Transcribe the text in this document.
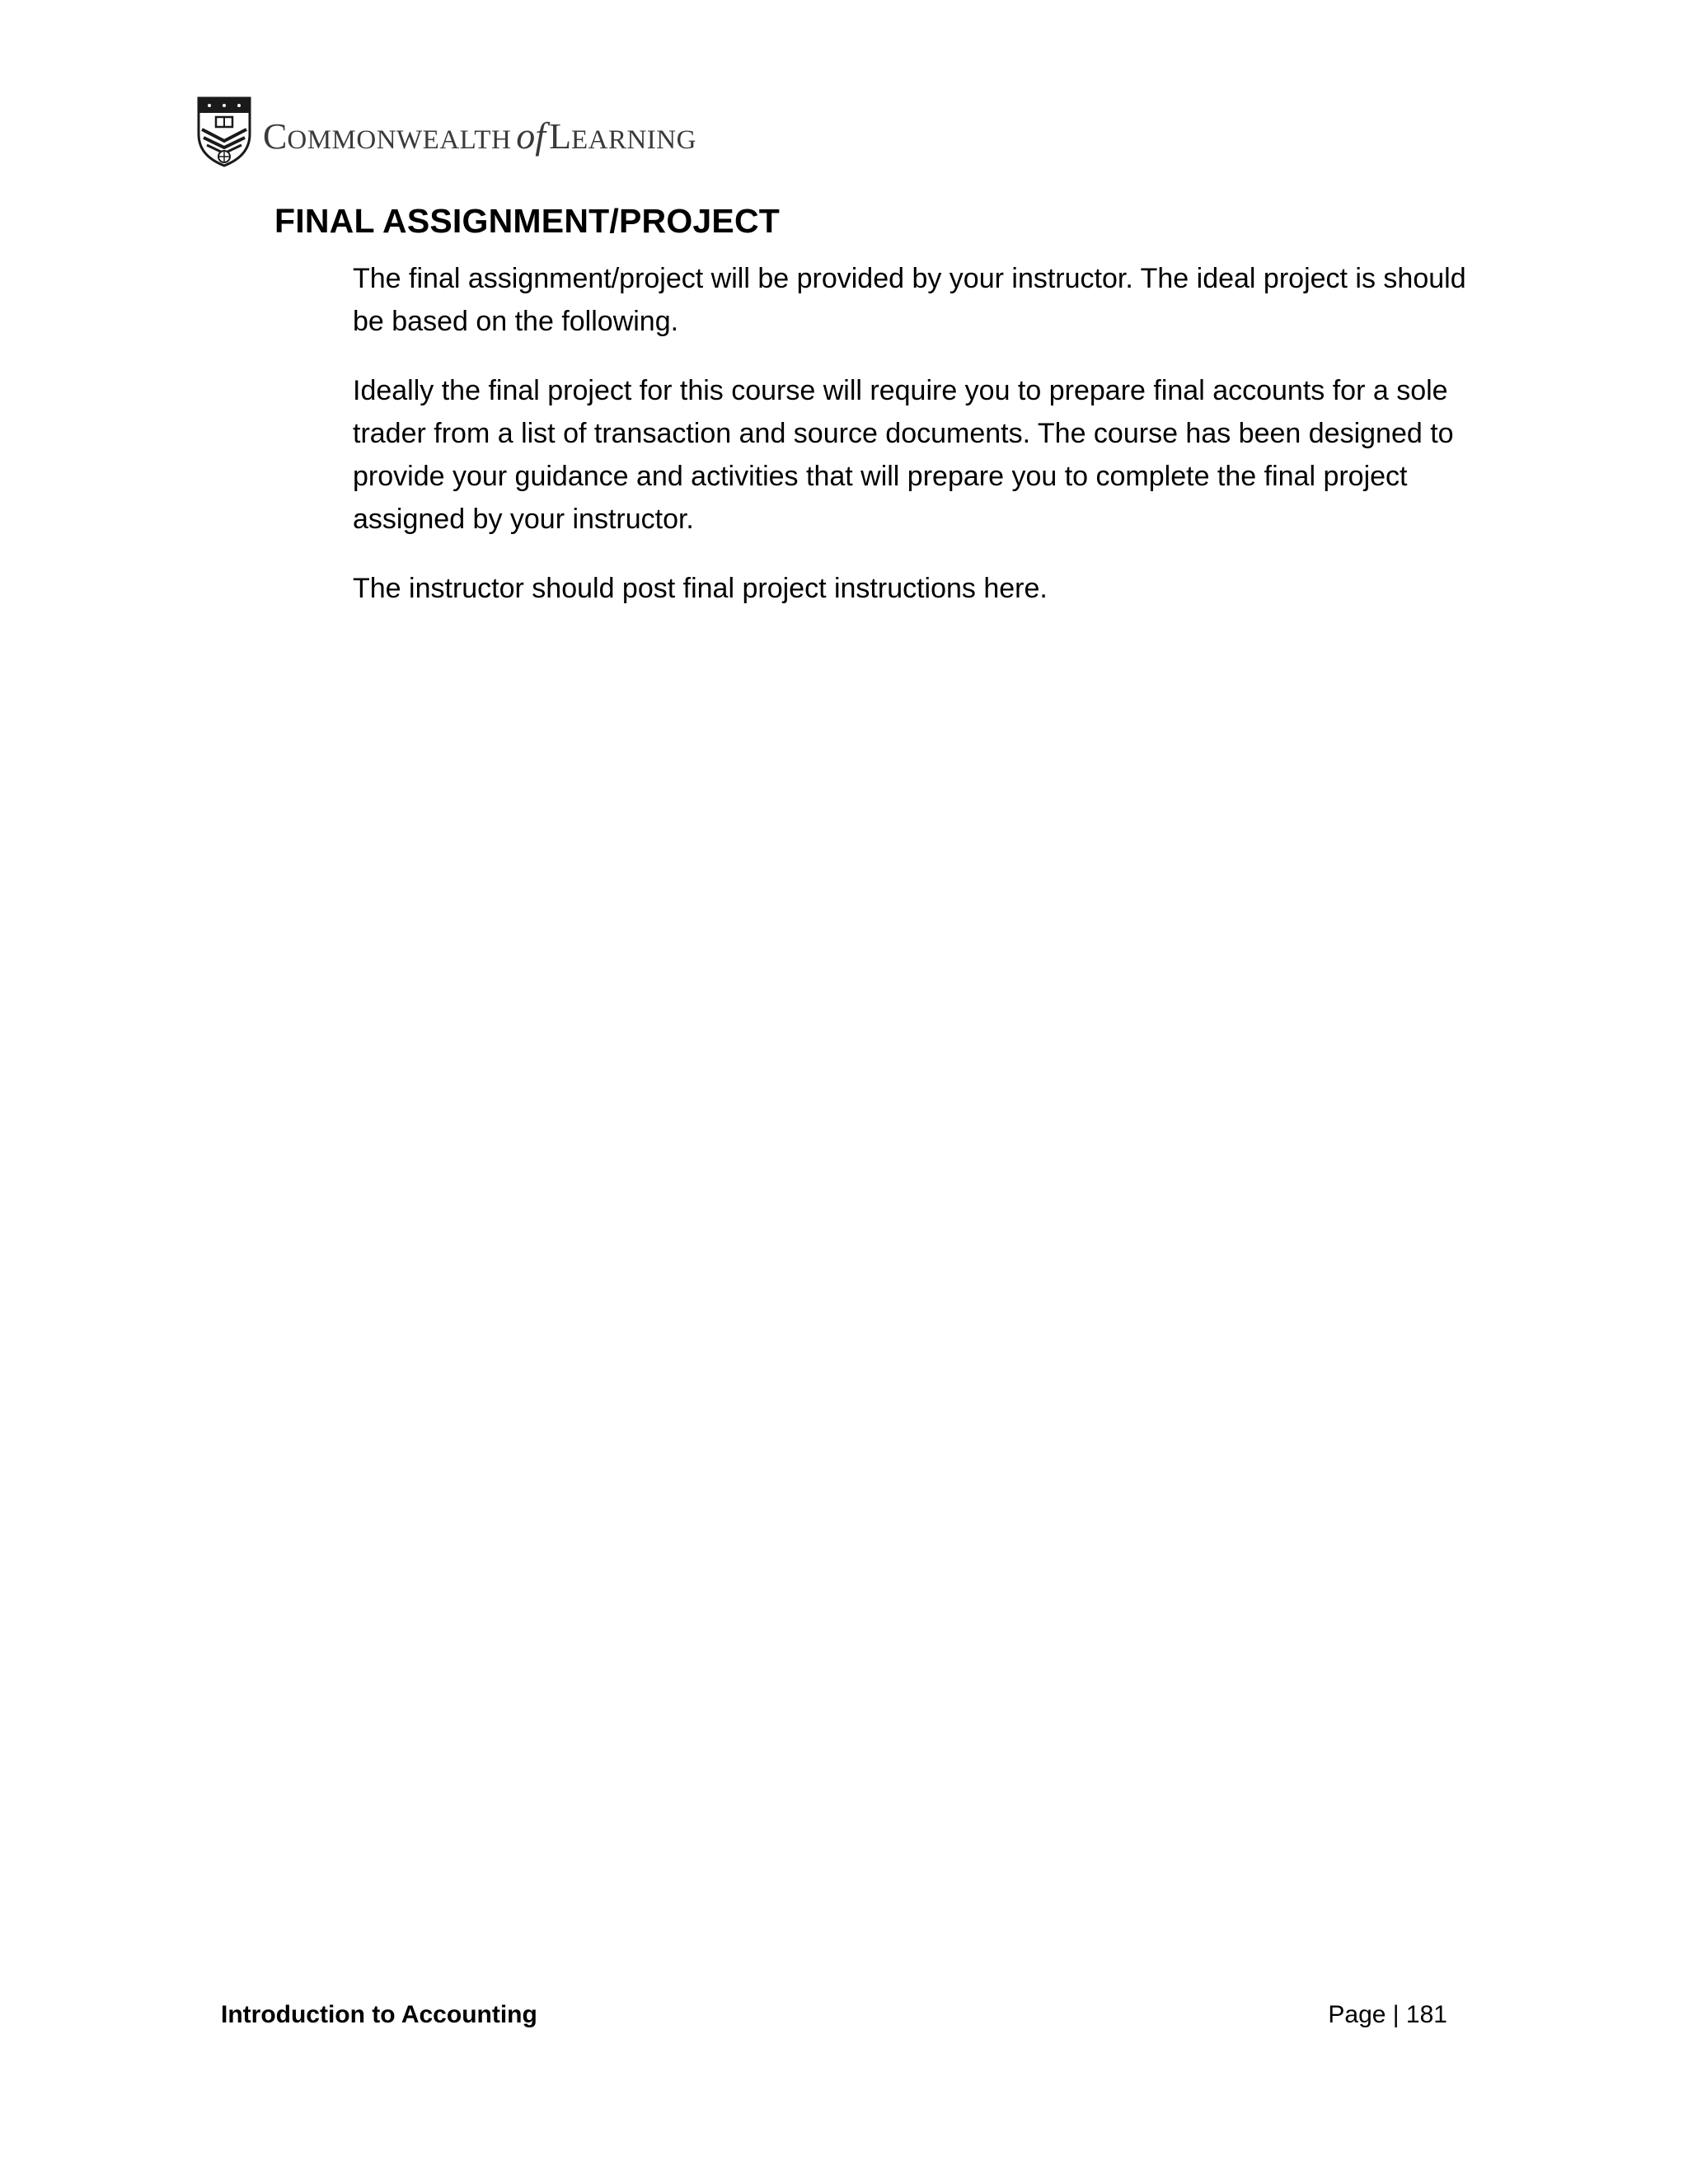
C OMMONWEALTH of L EARNING
FINAL ASSIGNMENT/PROJECT

The final assignment/project will be provided by your instructor. The ideal project is should be based on the following.

Ideally the final project for this course will require you to prepare final accounts for a sole trader from a list of transaction and source documents. The course has been designed to provide your guidance and activities that will prepare you to complete the final project assigned by your instructor.

The instructor should post final project instructions here.

Introduction to Accounting	Page | 181
